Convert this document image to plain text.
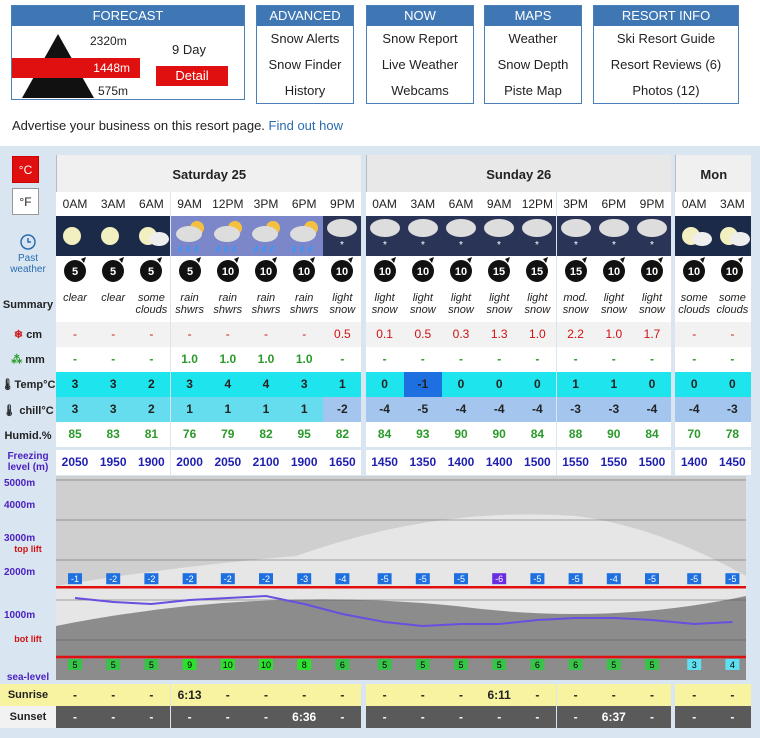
FORECAST
2320m
1448m
575m
9 Day
Detail
ADVANCED
Snow Alerts
Snow Finder
History
NOW
Snow Report
Live Weather
Webcams
MAPS
Weather
Snow Depth
Piste Map
RESORT INFO
Ski Resort Guide
Resort Reviews (6)
Photos (12)
Advertise your business on this resort page. Find out how
°C
°F

Past
weather
Summary
❄ cm
⁂ mm
🌡Temp°C
🌡 chill°C
Humid.%
Freezing level (m)
Saturday 25	Sunday 26	Mon
0AM
5
clear
-
-
3
3
85
2050
-
-
3AM
5
clear
-
-
3
3
83
1950
-
-
6AM
5
some
clouds
-
-
2
2
81
1900
-
-
9AM
5
rain
shwrs
-
1.0
3
1
76
2000
6:13
-
12PM
10
rain
shwrs
-
1.0
4
1
79
2050
-
-
3PM
10
rain
shwrs
-
1.0
4
1
82
2100
-
-
6PM
10
rain
shwrs
-
1.0
3
1
95
1900
-
6:36
9PM
*
10
light
snow
0.5
-
1
-2
82
1650
-
-
0AM
*
10
light
snow
0.1
-
0
-4
84
1450
-
-
3AM
*
10
light
snow
0.5
-
-1
-5
93
1350
-
-
6AM
*
10
light
snow
0.3
-
0
-4
90
1400
-
-
9AM
*
15
light
snow
1.3
-
0
-4
90
1400
6:11
-
12PM
*
15
light
snow
1.0
-
0
-4
84
1500
-
-
3PM
*
15
mod.
snow
2.2
-
1
-3
88
1550
-
-
6PM
*
10
light
snow
1.0
-
1
-3
90
1550
-
6:37
9PM
*
10
light
snow
1.7
-
0
-4
84
1500
-
-
0AM
10
some
clouds
-
-
0
-4
70
1400
-
-
3AM
10
some
clouds
-
-
0
-3
78
1450
-
-
5000m
4000m
3000m
2000m
1000m
top lift
bot lift
sea-level
Sunrise
Sunset
-1
5
-2
5
-2
5
-2
9
-2
10
-2
10
-3
8
-4
6
-5
5
-5
5
-5
5
-6
5
-5
6
-5
6
-4
5
-5
5
-5
3
-5
4
